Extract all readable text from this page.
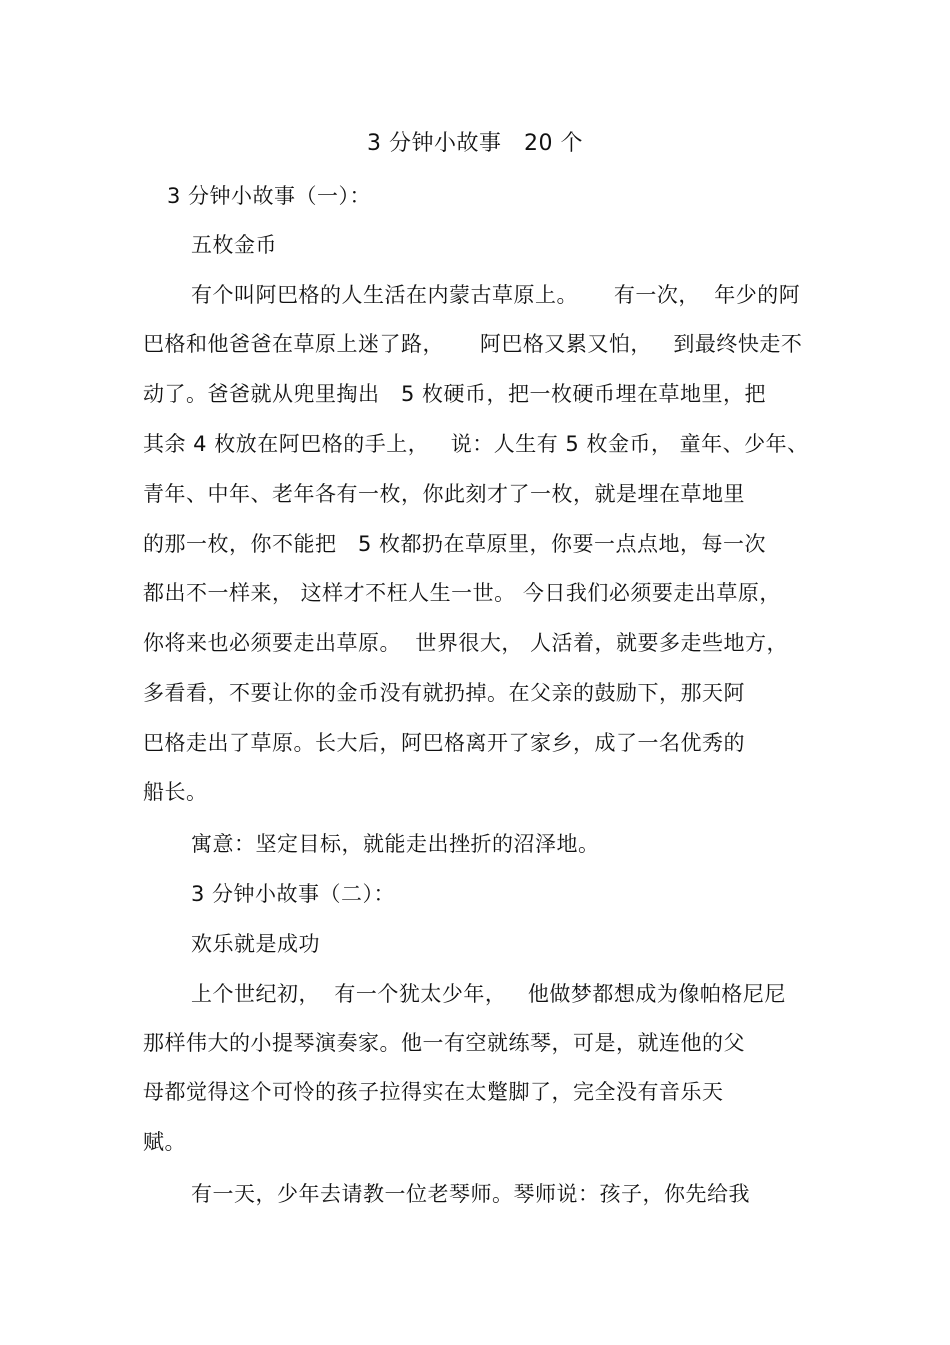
3 分钟小故事   20 个
3 分钟小故事（一）：
五枚金币
有个叫阿巴格的人生活在内蒙古草原上。     有一次，  年少的阿
巴格和他爸爸在草原上迷了路，     阿巴格又累又怕，   到最终快走不
动了。爸爸就从兜里掏出   5 枚硬币，把一枚硬币埋在草地里，把
其余 4 枚放在阿巴格的手上，   说：人生有 5 枚金币， 童年、少年、
青年、中年、老年各有一枚，你此刻才了一枚，就是埋在草地里
的那一枚，你不能把   5 枚都扔在草原里，你要一点点地，每一次
都出不一样来， 这样才不枉人生一世。 今日我们必须要走出草原，
你将来也必须要走出草原。  世界很大， 人活着，就要多走些地方，
多看看，不要让你的金币没有就扔掉。在父亲的鼓励下，那天阿
巴格走出了草原。长大后，阿巴格离开了家乡，成了一名优秀的
船长。
寓意：坚定目标，就能走出挫折的沼泽地。
3 分钟小故事（二）：
欢乐就是成功
上个世纪初，  有一个犹太少年，   他做梦都想成为像帕格尼尼
那样伟大的小提琴演奏家。他一有空就练琴，可是，就连他的父
母都觉得这个可怜的孩子拉得实在太蹩脚了，完全没有音乐天
赋。
有一天，少年去请教一位老琴师。琴师说：孩子，你先给我
